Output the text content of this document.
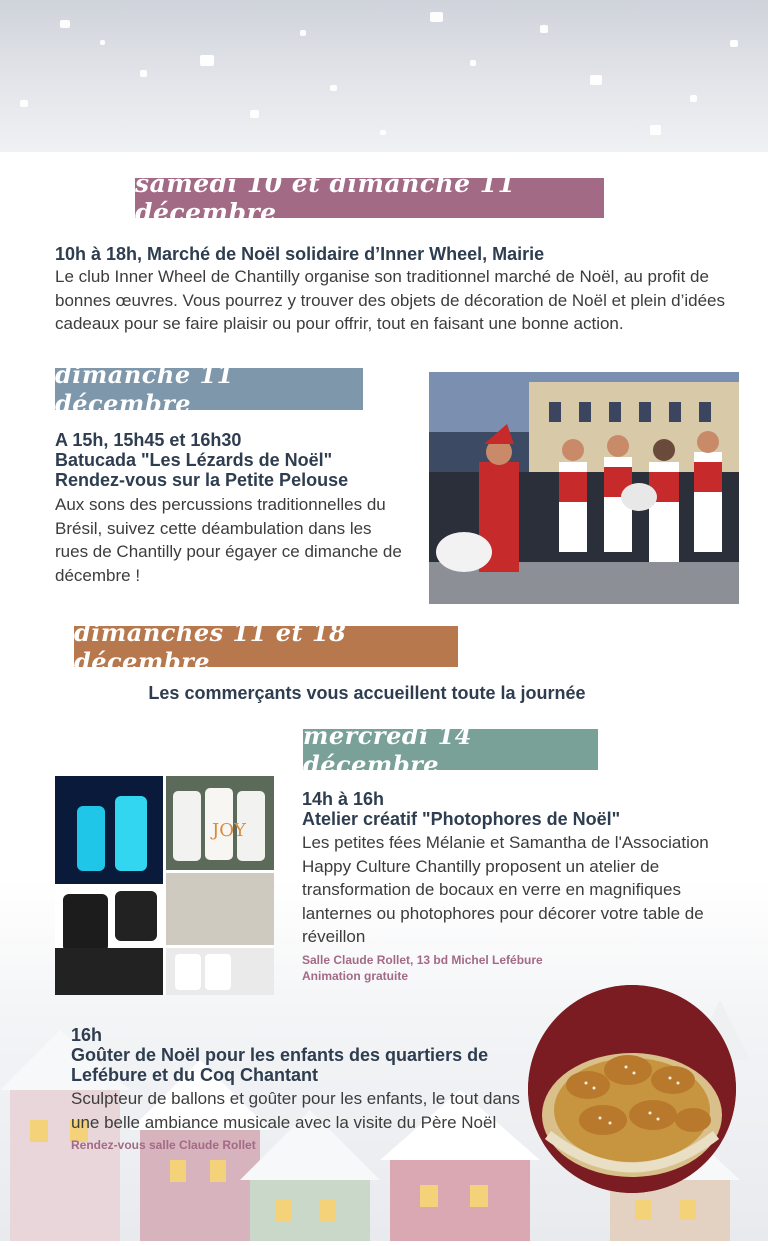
samedi 10 et dimanche 11 décembre
10h à 18h, Marché de Noël solidaire d’Inner Wheel, Mairie
Le club Inner Wheel de Chantilly organise son traditionnel marché de Noël, au profit de
bonnes œuvres. Vous pourrez y trouver des objets de décoration de Noël et plein d’idées
cadeaux pour se faire plaisir ou pour offrir, tout en faisant une bonne action.
dimanche 11 décembre
A 15h, 15h45 et 16h30
Batucada "Les Lézards de Noël"
Rendez-vous sur la Petite Pelouse
Aux sons des percussions traditionnelles du
Brésil, suivez cette déambulation dans les
rues de Chantilly pour égayer ce dimanche de
décembre !
dimanches 11 et 18 décembre
Les commerçants vous accueillent toute la journée
mercredi 14 décembre
JOY
14h à 16h
Atelier créatif "Photophores de Noël"
Les petites fées Mélanie et Samantha de l'Association
Happy Culture Chantilly proposent un atelier de
transformation de bocaux en verre en magnifiques
lanternes ou photophores pour décorer votre table de
réveillon
Salle Claude Rollet, 13 bd Michel Lefébure
Animation gratuite
16h
Goûter de Noël pour les enfants des quartiers de
Lefébure et du Coq Chantant
Sculpteur de ballons et goûter pour les enfants, le tout dans
une belle ambiance musicale avec la visite du Père Noël
Rendez-vous salle Claude Rollet
